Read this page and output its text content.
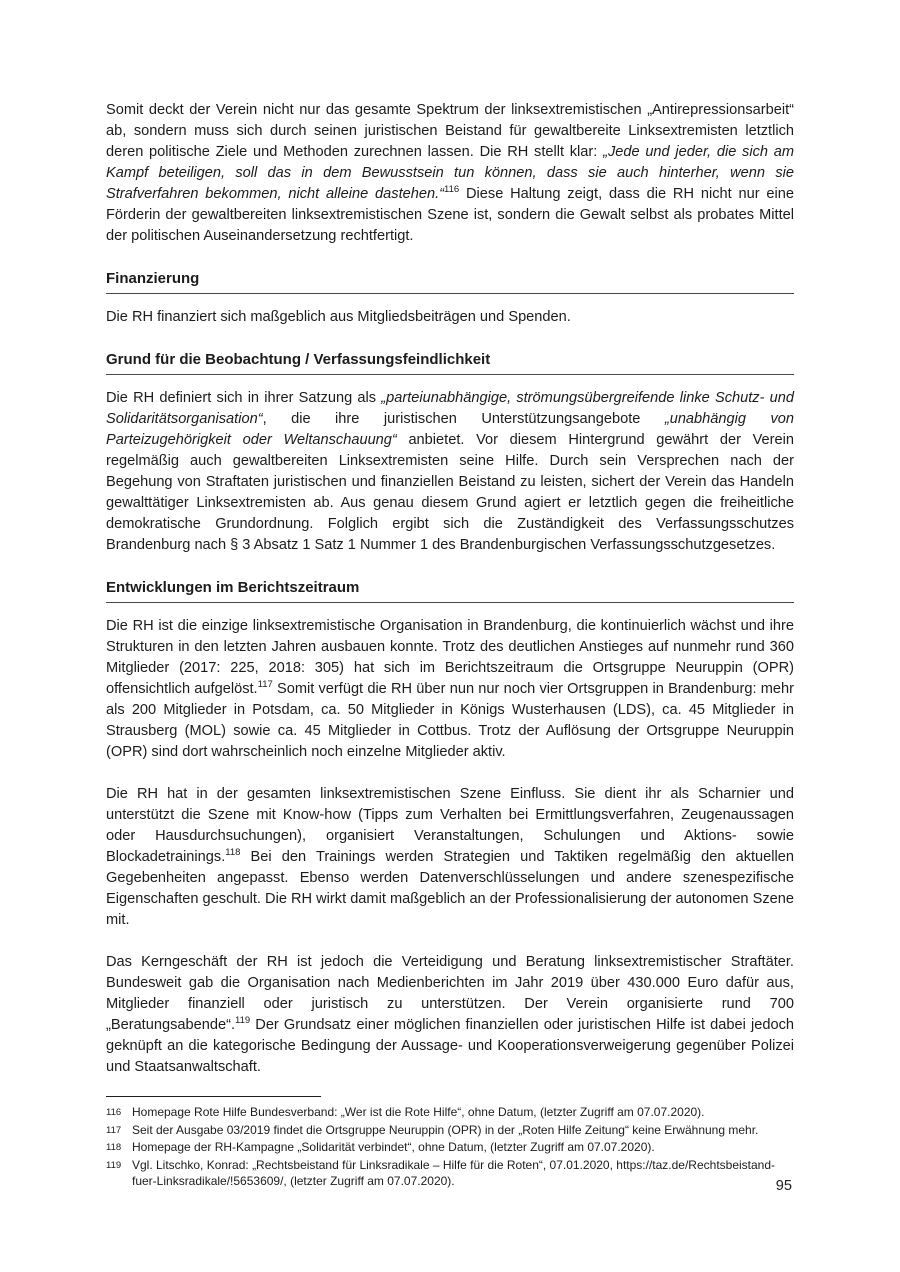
Somit deckt der Verein nicht nur das gesamte Spektrum der linksextremistischen „Antirepressionsarbeit“ ab, sondern muss sich durch seinen juristischen Beistand für gewaltbereite Linksextremisten letztlich deren politische Ziele und Methoden zurechnen lassen. Die RH stellt klar: „Jede und jeder, die sich am Kampf beteiligen, soll das in dem Bewusstsein tun können, dass sie auch hinterher, wenn sie Strafverfahren bekommen, nicht alleine dastehen.“$^{116}$ Diese Haltung zeigt, dass die RH nicht nur eine Förderin der gewaltbereiten linksextremistischen Szene ist, sondern die Gewalt selbst als probates Mittel der politischen Auseinandersetzung rechtfertigt.

Finanzierung

Die RH finanziert sich maßgeblich aus Mitgliedsbeiträgen und Spenden.

Grund für die Beobachtung / Verfassungsfeindlichkeit

Die RH definiert sich in ihrer Satzung als „parteiunabhängige, strömungsübergreifende linke Schutz- und Solidaritätsorganisation“, die ihre juristischen Unterstützungsangebote „unabhängig von Parteizugehörigkeit oder Weltanschauung“ anbietet. Vor diesem Hintergrund gewährt der Verein regelmäßig auch gewaltbereiten Linksextremisten seine Hilfe. Durch sein Versprechen nach der Begehung von Straftaten juristischen und finanziellen Beistand zu leisten, sichert der Verein das Handeln gewalttätiger Linksextremisten ab. Aus genau diesem Grund agiert er letztlich gegen die freiheitliche demokratische Grundordnung. Folglich ergibt sich die Zuständigkeit des Verfassungsschutzes Brandenburg nach § 3 Absatz 1 Satz 1 Nummer 1 des Brandenburgischen Verfassungsschutzgesetzes.

Entwicklungen im Berichtszeitraum

Die RH ist die einzige linksextremistische Organisation in Brandenburg, die kontinuierlich wächst und ihre Strukturen in den letzten Jahren ausbauen konnte. Trotz des deutlichen Anstieges auf nunmehr rund 360 Mitglieder (2017: 225, 2018: 305) hat sich im Berichtszeitraum die Ortsgruppe Neuruppin (OPR) offensichtlich aufgelöst.$^{117}$ Somit verfügt die RH über nun nur noch vier Ortsgruppen in Brandenburg: mehr als 200 Mitglieder in Potsdam, ca. 50 Mitglieder in Königs Wusterhausen (LDS), ca. 45 Mitglieder in Strausberg (MOL) sowie ca. 45 Mitglieder in Cottbus. Trotz der Auflösung der Ortsgruppe Neuruppin (OPR) sind dort wahrscheinlich noch einzelne Mitglieder aktiv.

Die RH hat in der gesamten linksextremistischen Szene Einfluss. Sie dient ihr als Scharnier und unterstützt die Szene mit Know-how (Tipps zum Verhalten bei Ermittlungsverfahren, Zeugenaussagen oder Hausdurchsuchungen), organisiert Veranstaltungen, Schulungen und Aktions- sowie Blockadetrainings.$^{118}$ Bei den Trainings werden Strategien und Taktiken regelmäßig den aktuellen Gegebenheiten angepasst. Ebenso werden Datenverschlüsselungen und andere szenespezifische Eigenschaften geschult. Die RH wirkt damit maßgeblich an der Professionalisierung der autonomen Szene mit.

Das Kerngeschäft der RH ist jedoch die Verteidigung und Beratung linksextremistischer Straftäter. Bundesweit gab die Organisation nach Medienberichten im Jahr 2019 über 430.000 Euro dafür aus, Mitglieder finanziell oder juristisch zu unterstützen. Der Verein organisierte rund 700 „Beratungsabende“.$^{119}$ Der Grundsatz einer möglichen finanziellen oder juristischen Hilfe ist dabei jedoch geknüpft an die kategorische Bedingung der Aussage- und Kooperationsverweigerung gegenüber Polizei und Staatsanwaltschaft.

116 Homepage Rote Hilfe Bundesverband: „Wer ist die Rote Hilfe“, ohne Datum, (letzter Zugriff am 07.07.2020).
117 Seit der Ausgabe 03/2019 findet die Ortsgruppe Neuruppin (OPR) in der „Roten Hilfe Zeitung“ keine Erwähnung mehr.
118 Homepage der RH-Kampagne „Solidarität verbindet“, ohne Datum, (letzter Zugriff am 07.07.2020).
119 Vgl. Litschko, Konrad: „Rechtsbeistand für Linksradikale – Hilfe für die Roten“, 07.01.2020, https://taz.de/Rechtsbeistand-fuer-Linksradikale/!5653609/, (letzter Zugriff am 07.07.2020).	95
